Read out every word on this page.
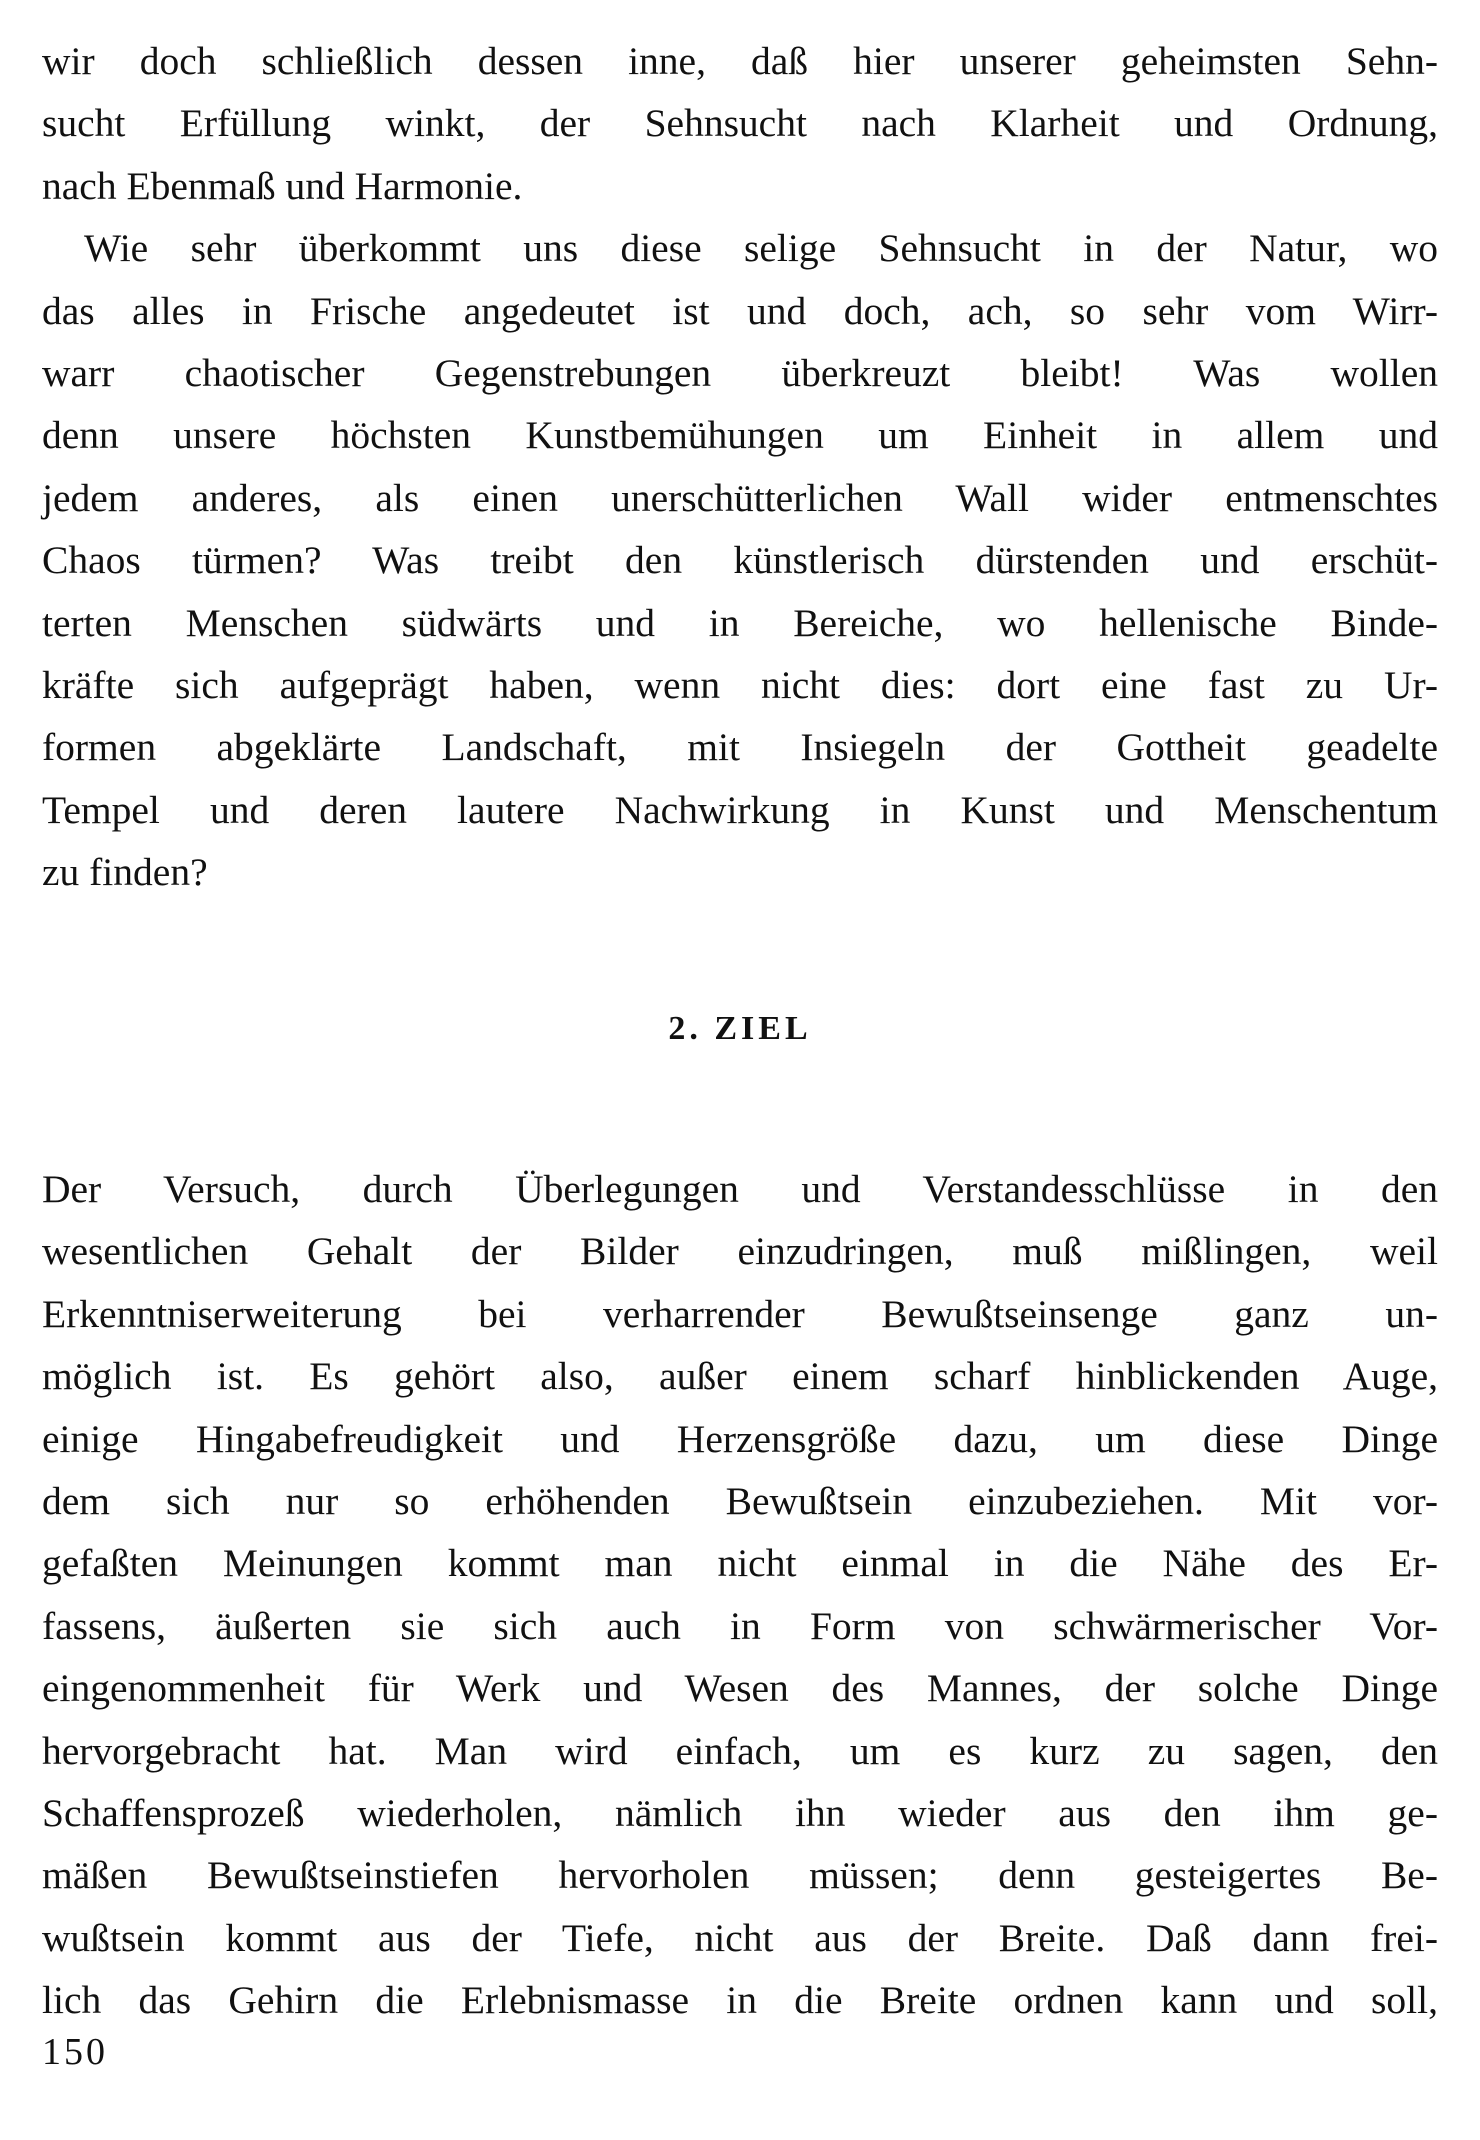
wir doch schließlich dessen inne, daß hier unserer geheimsten Sehn-
sucht Erfüllung winkt, der Sehnsucht nach Klarheit und Ordnung,
nach Ebenmaß und Harmonie.

Wie sehr überkommt uns diese selige Sehnsucht in der Natur, wo
das alles in Frische angedeutet ist und doch, ach, so sehr vom Wirr-
warr chaotischer Gegenstrebungen überkreuzt bleibt! Was wollen
denn unsere höchsten Kunstbemühungen um Einheit in allem und
jedem anderes, als einen unerschütterlichen Wall wider entmenschtes
Chaos türmen? Was treibt den künstlerisch dürstenden und erschüt-
terten Menschen südwärts und in Bereiche, wo hellenische Binde-
kräfte sich aufgeprägt haben, wenn nicht dies: dort eine fast zu Ur-
formen abgeklärte Landschaft, mit Insiegeln der Gottheit geadelte
Tempel und deren lautere Nachwirkung in Kunst und Menschentum
zu finden?

Der Versuch, durch Überlegungen und Verstandesschlüsse in den
wesentlichen Gehalt der Bilder einzudringen, muß mißlingen, weil
Erkenntniserweiterung bei verharrender Bewußtseinsenge ganz un-
möglich ist. Es gehört also, außer einem scharf hinblickenden Auge,
einige Hingabefreudigkeit und Herzensgröße dazu, um diese Dinge
dem sich nur so erhöhenden Bewußtsein einzubeziehen. Mit vor-
gefaßten Meinungen kommt man nicht einmal in die Nähe des Er-
fassens, äußerten sie sich auch in Form von schwärmerischer Vor-
eingenommenheit für Werk und Wesen des Mannes, der solche Dinge
hervorgebracht hat. Man wird einfach, um es kurz zu sagen, den
Schaffensprozeß wiederholen, nämlich ihn wieder aus den ihm ge-
mäßen Bewußtseinstiefen hervorholen müssen; denn gesteigertes Be-
wußtsein kommt aus der Tiefe, nicht aus der Breite. Daß dann frei-
lich das Gehirn die Erlebnismasse in die Breite ordnen kann und soll,

2. ZIEL
150
